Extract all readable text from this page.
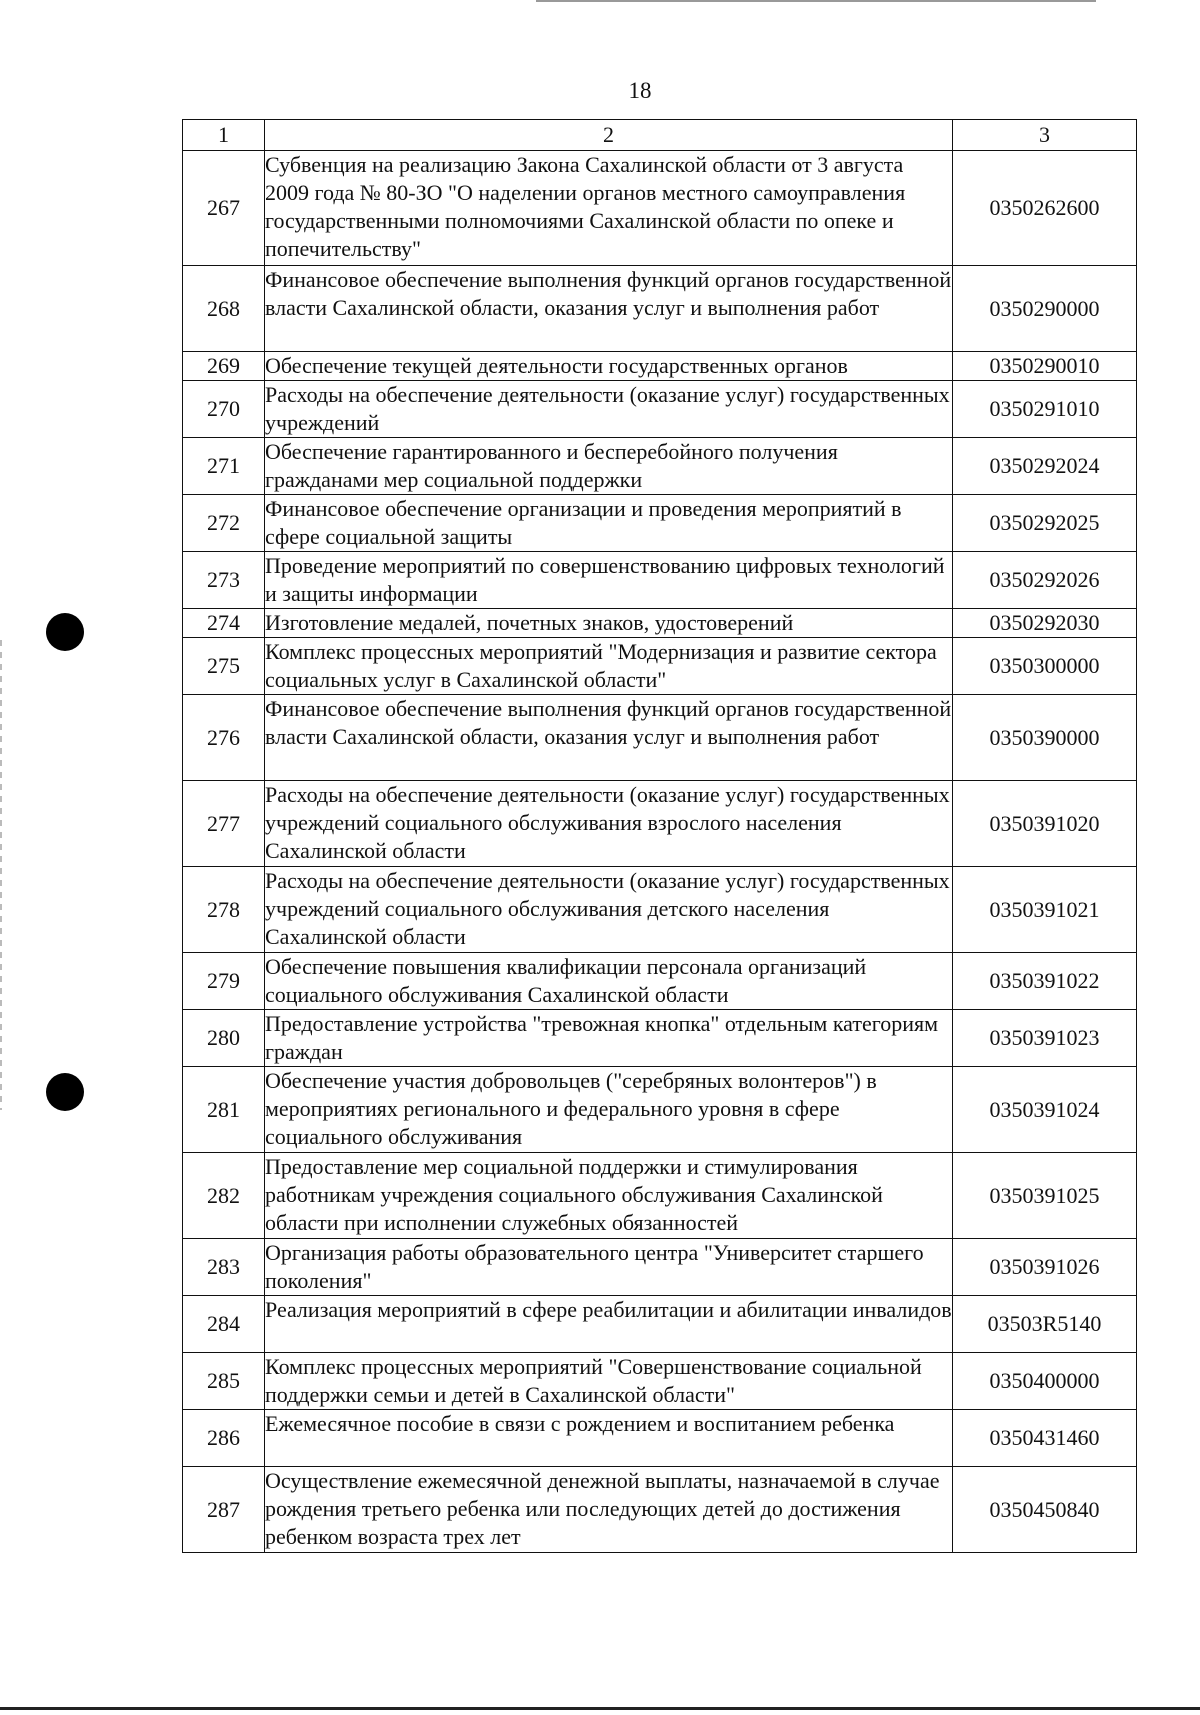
18
1	2	3
267	Субвенция на реализацию Закона Сахалинской области от 3 августа 2009 года № 80-ЗО "О наделении органов местного самоуправления государственными полномочиями Сахалинской области по опеке и попечительству"	0350262600
268	Финансовое обеспечение выполнения функций органов государственной власти Сахалинской области, оказания услуг и выполнения работ	0350290000
269	Обеспечение текущей деятельности государственных органов	0350290010
270	Расходы на обеспечение деятельности (оказание услуг) государственных учреждений	0350291010
271	Обеспечение гарантированного и бесперебойного получения гражданами мер социальной поддержки	0350292024
272	Финансовое обеспечение организации и проведения мероприятий в сфере социальной защиты	0350292025
273	Проведение мероприятий по совершенствованию цифровых технологий и защиты информации	0350292026
274	Изготовление медалей, почетных знаков, удостоверений	0350292030
275	Комплекс процессных мероприятий "Модернизация и развитие сектора социальных услуг в Сахалинской области"	0350300000
276	Финансовое обеспечение выполнения функций органов государственной власти Сахалинской области, оказания услуг и выполнения работ	0350390000
277	Расходы на обеспечение деятельности (оказание услуг) государственных учреждений социального обслуживания взрослого населения Сахалинской области	0350391020
278	Расходы на обеспечение деятельности (оказание услуг) государственных учреждений социального обслуживания детского населения Сахалинской области	0350391021
279	Обеспечение повышения квалификации персонала организаций социального обслуживания Сахалинской области	0350391022
280	Предоставление устройства "тревожная кнопка" отдельным категориям граждан	0350391023
281	Обеспечение участия добровольцев ("серебряных волонтеров") в мероприятиях регионального и федерального уровня в сфере социального обслуживания	0350391024
282	Предоставление мер социальной поддержки и стимулирования работникам учреждения социального обслуживания Сахалинской области при исполнении служебных обязанностей	0350391025
283	Организация работы образовательного центра "Университет старшего поколения"	0350391026
284	Реализация мероприятий в сфере реабилитации и абилитации инвалидов	03503R5140
285	Комплекс процессных мероприятий "Совершенствование социальной поддержки семьи и детей в Сахалинской области"	0350400000
286	Ежемесячное пособие в связи с рождением и воспитанием ребенка	0350431460
287	Осуществление ежемесячной денежной выплаты, назначаемой в случае рождения третьего ребенка или последующих детей до достижения ребенком возраста трех лет	0350450840
